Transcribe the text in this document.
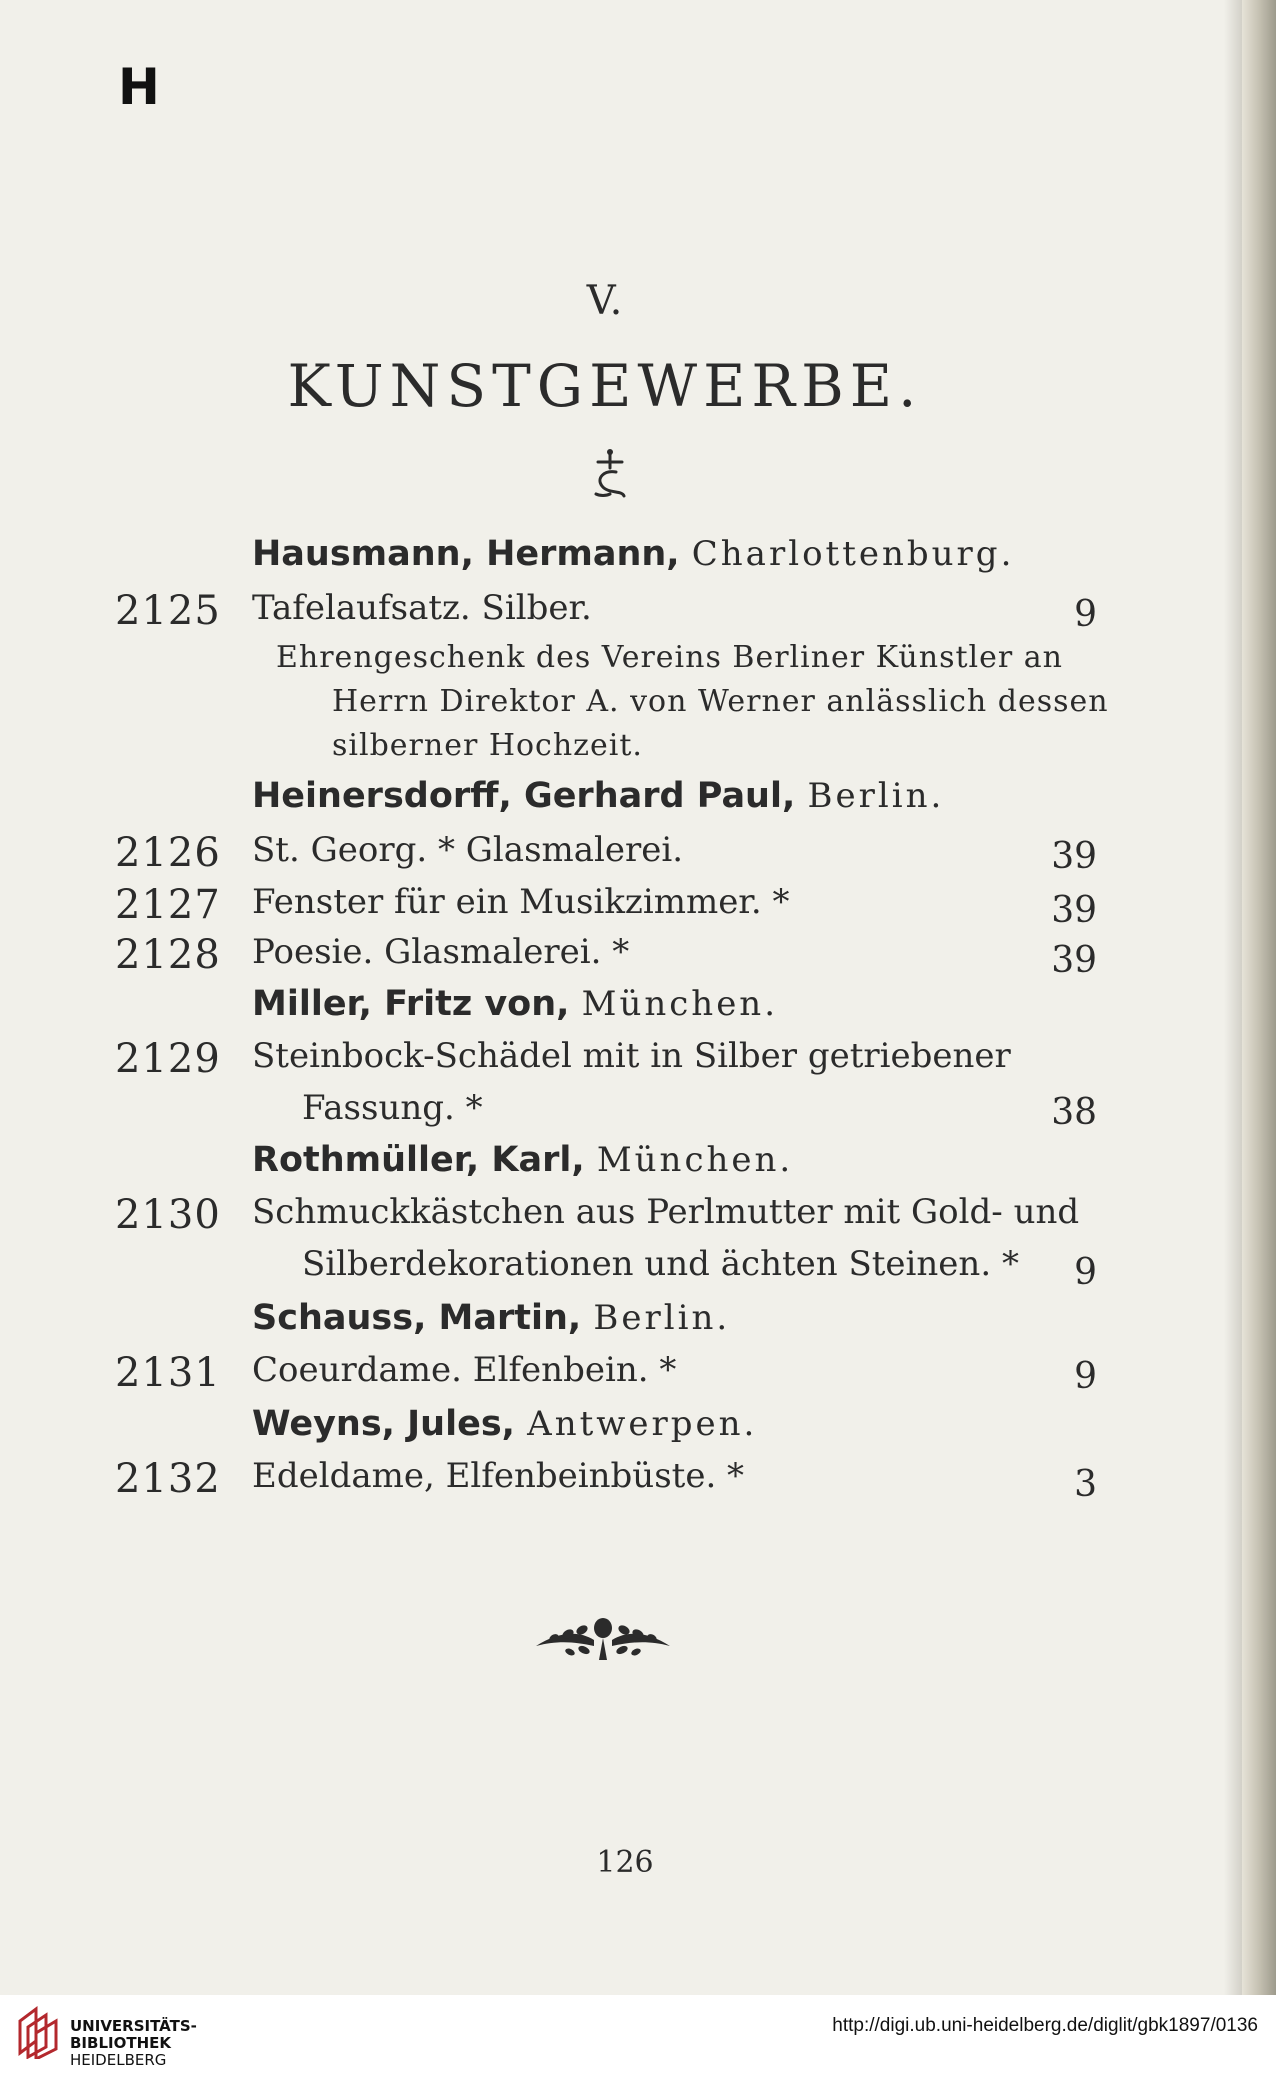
H
V.
KUNSTGEWERBE.
Hausmann, Hermann, Charlottenburg.
2125 Tafelaufsatz. Silber.	9
Ehrengeschenk des Vereins Berliner Künstler an
Herrn Direktor A. von Werner anlässlich dessen
silberner Hochzeit.
Heinersdorff, Gerhard Paul, Berlin.
2126 St. Georg. * Glasmalerei.	39
2127 Fenster für ein Musikzimmer. *	39
2128 Poesie. Glasmalerei. *	39
Miller, Fritz von, München.
2129 Steinbock-Schädel mit in Silber getriebener
Fassung. *	38
Rothmüller, Karl, München.
2130 Schmuckkästchen aus Perlmutter mit Gold- und
Silberdekorationen und ächten Steinen. * 9
Schauss, Martin, Berlin.
2131 Coeurdame. Elfenbein. *	9
Weyns, Jules, Antwerpen.
2132 Edeldame, Elfenbeinbüste. *	3
126
UNIVERSITÄTS-
BIBLIOTHEK
HEIDELBERG
http://digi.ub.uni-heidelberg.de/diglit/gbk1897/0136
